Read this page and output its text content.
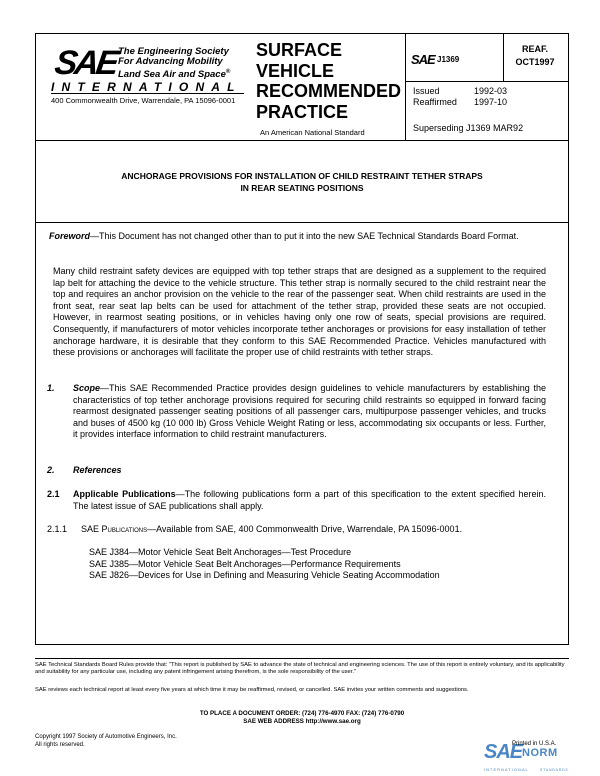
SAE The Engineering Society
For Advancing Mobility
Land Sea Air and Space®
INTERNATIONAL
400 Commonwealth Drive, Warrendale, PA 15096-0001
SURFACE
VEHICLE
RECOMMENDED
PRACTICE
An American National Standard
SAE J1369
REAF.
OCT1997
Issued	1992-03
Reaffirmed 1997-10
Superseding J1369 MAR92
ANCHORAGE PROVISIONS FOR INSTALLATION OF CHILD RESTRAINT TETHER STRAPS
IN REAR SEATING POSITIONS

Foreword—This Document has not changed other than to put it into the new SAE Technical Standards Board Format.

Many child restraint safety devices are equipped with top tether straps that are designed as a supplement to the required lap belt for attaching the device to the vehicle structure. This tether strap is normally secured to the child restraint near the top and requires an anchor provision on the vehicle to the rear of the passenger seat. When child restraints are used in the front seat, rear seat lap belts can be used for attachment of the tether strap, provided these seats are not occupied. However, in rearmost seating positions, or in vehicles having only one row of seats, special provisions are required. Consequently, if manufacturers of motor vehicles incorporate tether anchorages or provisions for easy installation of tether anchorage hardware, it is desirable that they conform to this SAE Recommended Practice. Vehicles manufactured with these provisions or anchorages will facilitate the proper use of child restraints with tether straps.

1. Scope—This SAE Recommended Practice provides design guidelines to vehicle manufacturers by establishing the characteristics of top tether anchorage provisions required for securing child restraints so equipped in forward facing rearmost designated passenger seating positions of all passenger cars, multipurpose passenger vehicles, and trucks and buses of 4500 kg (10 000 lb) Gross Vehicle Weight Rating or less, accommodating six occupants or less. Further, it provides interface information to child restraint manufacturers.

2. References
2.1 Applicable Publications—The following publications form a part of this specification to the extent specified herein. The latest issue of SAE publications shall apply.

2.1.1 SAE Publications—Available from SAE, 400 Commonwealth Drive, Warrendale, PA 15096-0001.

SAE J384—Motor Vehicle Seat Belt Anchorages—Test Procedure
SAE J385—Motor Vehicle Seat Belt Anchorages—Performance Requirements
SAE J826—Devices for Use in Defining and Measuring Vehicle Seating Accommodation
SAE Technical Standards Board Rules provide that: "This report is published by SAE to advance the state of technical and engineering sciences. The use of this report is entirely voluntary, and its applicability and suitability for any particular use, including any patent infringement arising therefrom, is the sole responsibility of the user."
SAE reviews each technical report at least every five years at which time it may be reaffirmed, revised, or cancelled. SAE invites your written comments and suggestions.
TO PLACE A DOCUMENT ORDER: (724) 776-4970 FAX: (724) 776-0790
SAE WEB ADDRESS http://www.sae.org
Copyright 1997 Society of Automotive Engineers, Inc.
All rights reserved.	SAE
Printed in U.S.A.
NORM
INTERNATIONAL	STANDARDS
